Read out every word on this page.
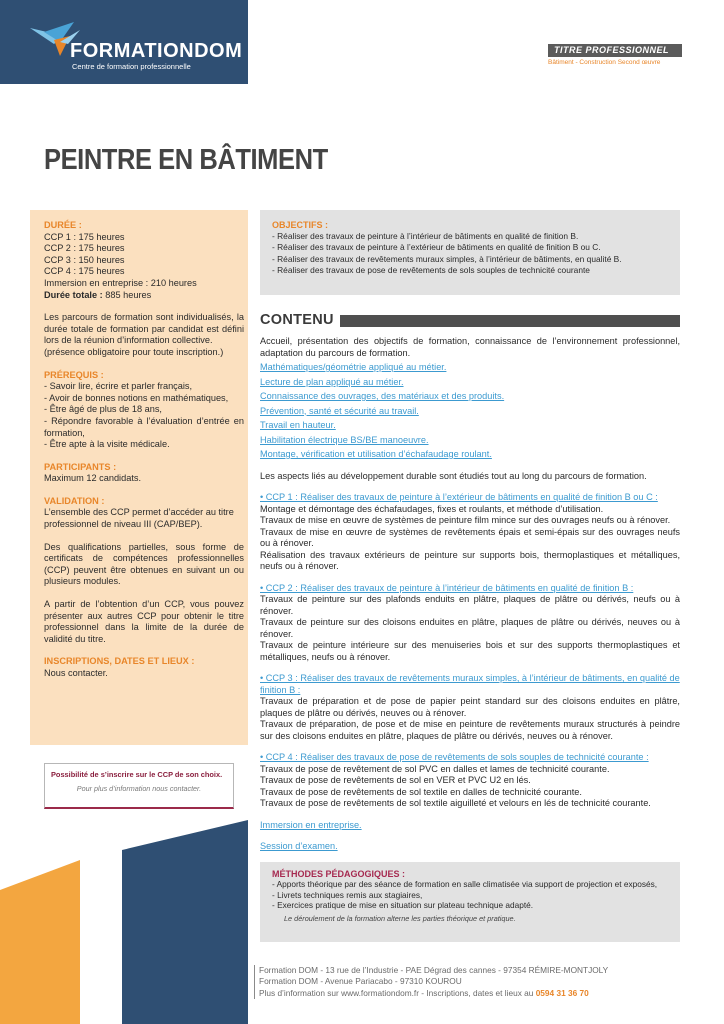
FORMATIONDOM
Centre de formation professionnelle
TITRE PROFESSIONNEL
Bâtiment - Construction Second œuvre
PEINTRE EN BÂTIMENT
DURÉE :
CCP 1 : 175 heures
CCP 2 : 175 heures
CCP 3 : 150 heures
CCP 4 : 175 heures
Immersion en entreprise : 210 heures
Durée totale : 885 heures
Les parcours de formation sont individualisés, la durée totale de formation par candidat est défini lors de la réunion d’information collective.
(présence obligatoire pour toute inscription.)
PRÉREQUIS :
- Savoir lire, écrire et parler français,
- Avoir de bonnes notions en mathématiques,
- Être âgé de plus de 18 ans,
- Répondre favorable à l’évaluation d’entrée en formation,
- Être apte à la visite médicale.
PARTICIPANTS :
Maximum 12 candidats.
VALIDATION :
L’ensemble des CCP permet d’accéder au titre professionnel de niveau III (CAP/BEP).
Des qualifications partielles, sous forme de certificats de compétences professionnelles (CCP) peuvent être obtenues en suivant un ou plusieurs modules.
A partir de l’obtention d’un CCP, vous pouvez présenter aux autres CCP pour obtenir le titre professionnel dans la limite de la durée de validité du titre.
INSCRIPTIONS, DATES ET LIEUX :
Nous contacter.
Possibilité de s’inscrire sur le CCP de son choix.
Pour plus d’information nous contacter.
OBJECTIFS :
- Réaliser des travaux de peinture à l’intérieur de bâtiments en qualité de finition B.
- Réaliser des travaux de peinture à l’extérieur de bâtiments en qualité de finition B ou C.
- Réaliser des travaux de revêtements muraux simples, à l’intérieur de bâtiments, en qualité B.
- Réaliser des travaux de pose de revêtements de sols souples de technicité courante
CONTENU
Accueil, présentation des objectifs de formation, connaissance de l’environnement professionnel, adaptation du parcours de formation.
Mathématiques/géométrie appliqué au métier.
Lecture de plan appliqué au métier.
Connaissance des ouvrages, des matériaux et des produits.
Prévention, santé et sécurité au travail.
Travail en hauteur.
Habilitation électrique BS/BE manoeuvre.
Montage, vérification et utilisation d’échafaudage roulant.
Les aspects liés au développement durable sont étudiés tout au long du parcours de formation.
• CCP 1 : Réaliser des travaux de peinture à l’extérieur de bâtiments en qualité de finition B ou C :
Montage et démontage des échafaudages, fixes et roulants, et méthode d’utilisation.
Travaux de mise en œuvre de systèmes de peinture film mince sur des ouvrages neufs ou à rénover.
Travaux de mise en œuvre de systèmes de revêtements épais et semi-épais sur des ouvrages neufs ou à rénover.
Réalisation des travaux extérieurs de peinture sur supports bois, thermoplastiques et métalliques, neufs ou à rénover.
• CCP 2 : Réaliser des travaux de peinture à l’intérieur de bâtiments en qualité de finition B :
Travaux de peinture sur des plafonds enduits en plâtre, plaques de plâtre ou dérivés, neufs ou à rénover.
Travaux de peinture sur des cloisons enduites en plâtre, plaques de plâtre ou dérivés, neuves ou à rénover.
Travaux de peinture intérieure sur des menuiseries bois et sur des supports thermoplastiques et métalliques, neufs ou à rénover.
• CCP 3 : Réaliser des travaux de revêtements muraux simples, à l’intérieur de bâtiments, en qualité de finition B :
Travaux de préparation et de pose de papier peint standard sur des cloisons enduites en plâtre, plaques de plâtre ou dérivés, neuves ou à rénover.
Travaux de préparation, de pose et de mise en peinture de revêtements muraux structurés à peindre sur des cloisons enduites en plâtre, plaques de plâtre ou dérivés, neuves ou à rénover.
• CCP 4 : Réaliser des travaux de pose de revêtements de sols souples de technicité courante :
Travaux de pose de revêtement de sol PVC en dalles et lames de technicité courante.
Travaux de pose de revêtements de sol en VER et PVC U2 en lés.
Travaux de pose de revêtements de sol textile en dalles de technicité courante.
Travaux de pose de revêtements de sol textile aiguilleté et velours en lés de technicité courante.
Immersion en entreprise.
Session d’examen.
MÉTHODES PÉDAGOGIQUES :
- Apports théorique par des séance de formation en salle climatisée via support de projection et exposés,
- Livrets techniques remis aux stagiaires,
- Exercices pratique de mise en situation sur plateau technique adapté.
Le déroulement de la formation alterne les parties théorique et pratique.
Formation DOM - 13 rue de l’Industrie - PAE Dégrad des cannes - 97354 RÉMIRE-MONTJOLY
Formation DOM - Avenue Pariacabo - 97310 KOUROU
Plus d’information sur www.formationdom.fr - Inscriptions, dates et lieux au 0594 31 36 70
